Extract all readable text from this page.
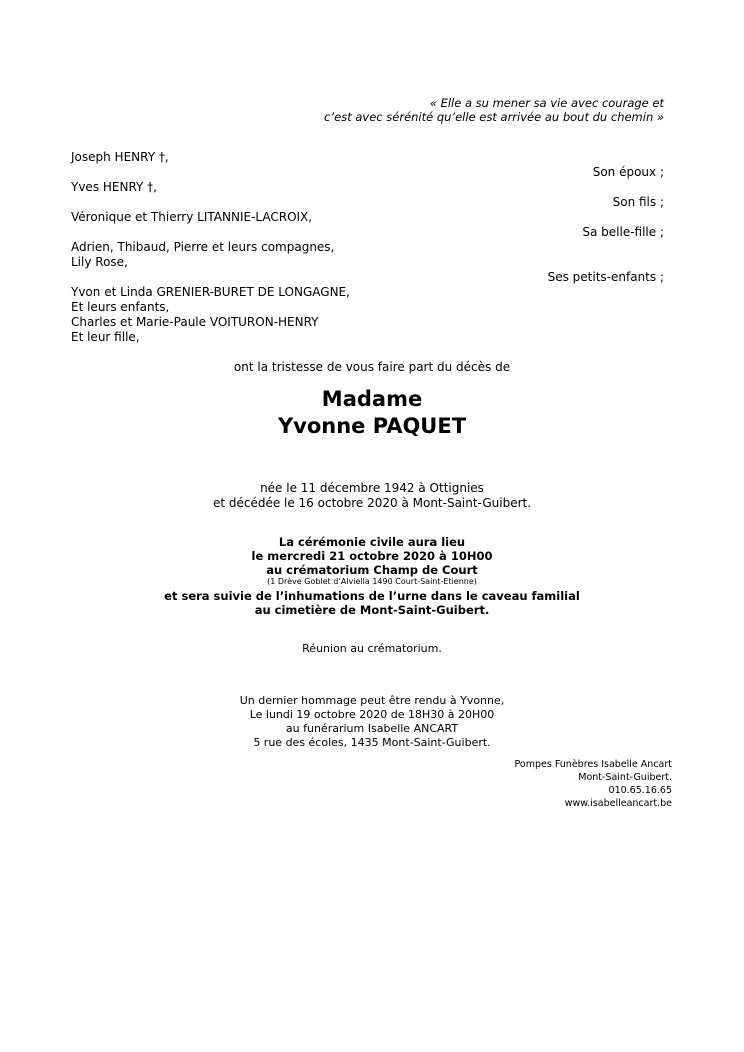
« Elle a su mener sa vie avec courage et
c’est avec sérénité qu’elle est arrivée au bout du chemin »
Joseph HENRY †,
Son époux ;
Yves HENRY †,
Son fils ;
Véronique et Thierry LITANNIE-LACROIX,
Sa belle-fille ;
Adrien, Thibaud, Pierre et leurs compagnes,
Lily Rose,
Ses petits-enfants ;
Yvon et Linda GRENIER-BURET DE LONGAGNE,
Et leurs enfants,
Charles et Marie-Paule VOITURON-HENRY
Et leur fille,
ont la tristesse de vous faire part du décès de
Madame
Yvonne PAQUET
née le 11 décembre 1942 à Ottignies
et décédée le 16 octobre 2020 à Mont-Saint-Guibert.
La cérémonie civile aura lieu
le mercredi 21 octobre 2020 à 10H00
au crématorium Champ de Court
(1 Drève Goblet d’Alviella 1490 Court-Saint-Etienne)
et sera suivie de l’inhumations de l’urne dans le caveau familial
au cimetière de Mont-Saint-Guibert.
Réunion au crématorium.
Un dernier hommage peut être rendu à Yvonne,
Le lundi 19 octobre 2020 de 18H30 à 20H00
au funérarium Isabelle ANCART
5 rue des écoles, 1435 Mont-Saint-Guibert.
Pompes Funèbres Isabelle Ancart
Mont-Saint-Guibert.
010.65.16.65
www.isabelleancart.be
